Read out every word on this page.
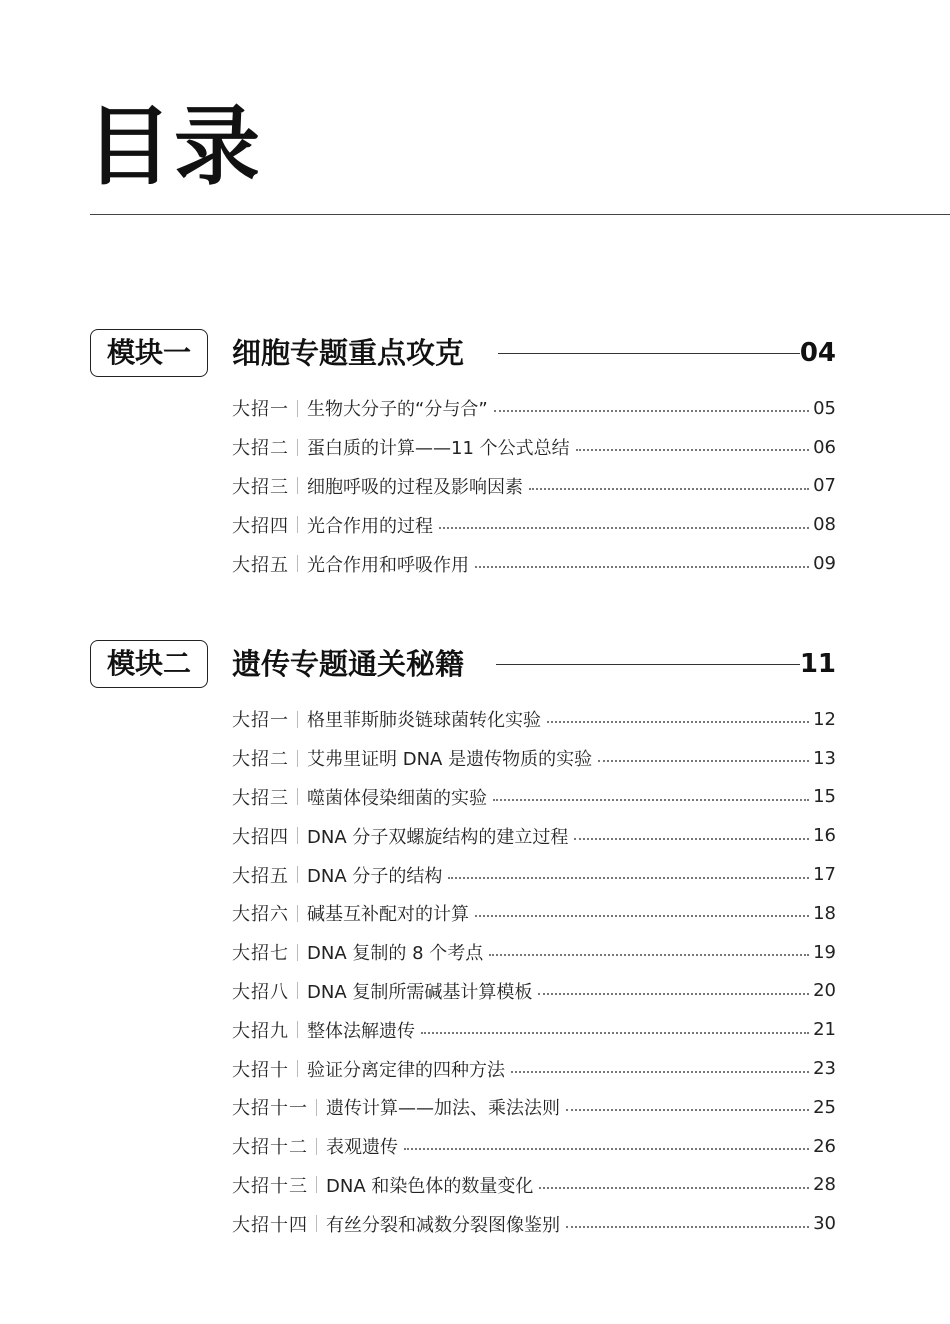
目录
模块一	细胞专题重点攻克	04
大招一 生物大分子的“分与合”	05
大招二 蛋白质的计算——11 个公式总结	06
大招三 细胞呼吸的过程及影响因素	07
大招四 光合作用的过程	08
大招五 光合作用和呼吸作用	09
模块二	遗传专题通关秘籍	11
大招一 格里菲斯肺炎链球菌转化实验	12
大招二 艾弗里证明 DNA 是遗传物质的实验	13
大招三 噬菌体侵染细菌的实验	15
大招四 DNA 分子双螺旋结构的建立过程	16
大招五 DNA 分子的结构	17
大招六 碱基互补配对的计算	18
大招七 DNA 复制的 8 个考点	19
大招八 DNA 复制所需碱基计算模板	20
大招九 整体法解遗传	21
大招十 验证分离定律的四种方法	23
大招十一 遗传计算——加法、乘法法则	25
大招十二 表观遗传	26
大招十三 DNA 和染色体的数量变化	28
大招十四 有丝分裂和减数分裂图像鉴别	30
